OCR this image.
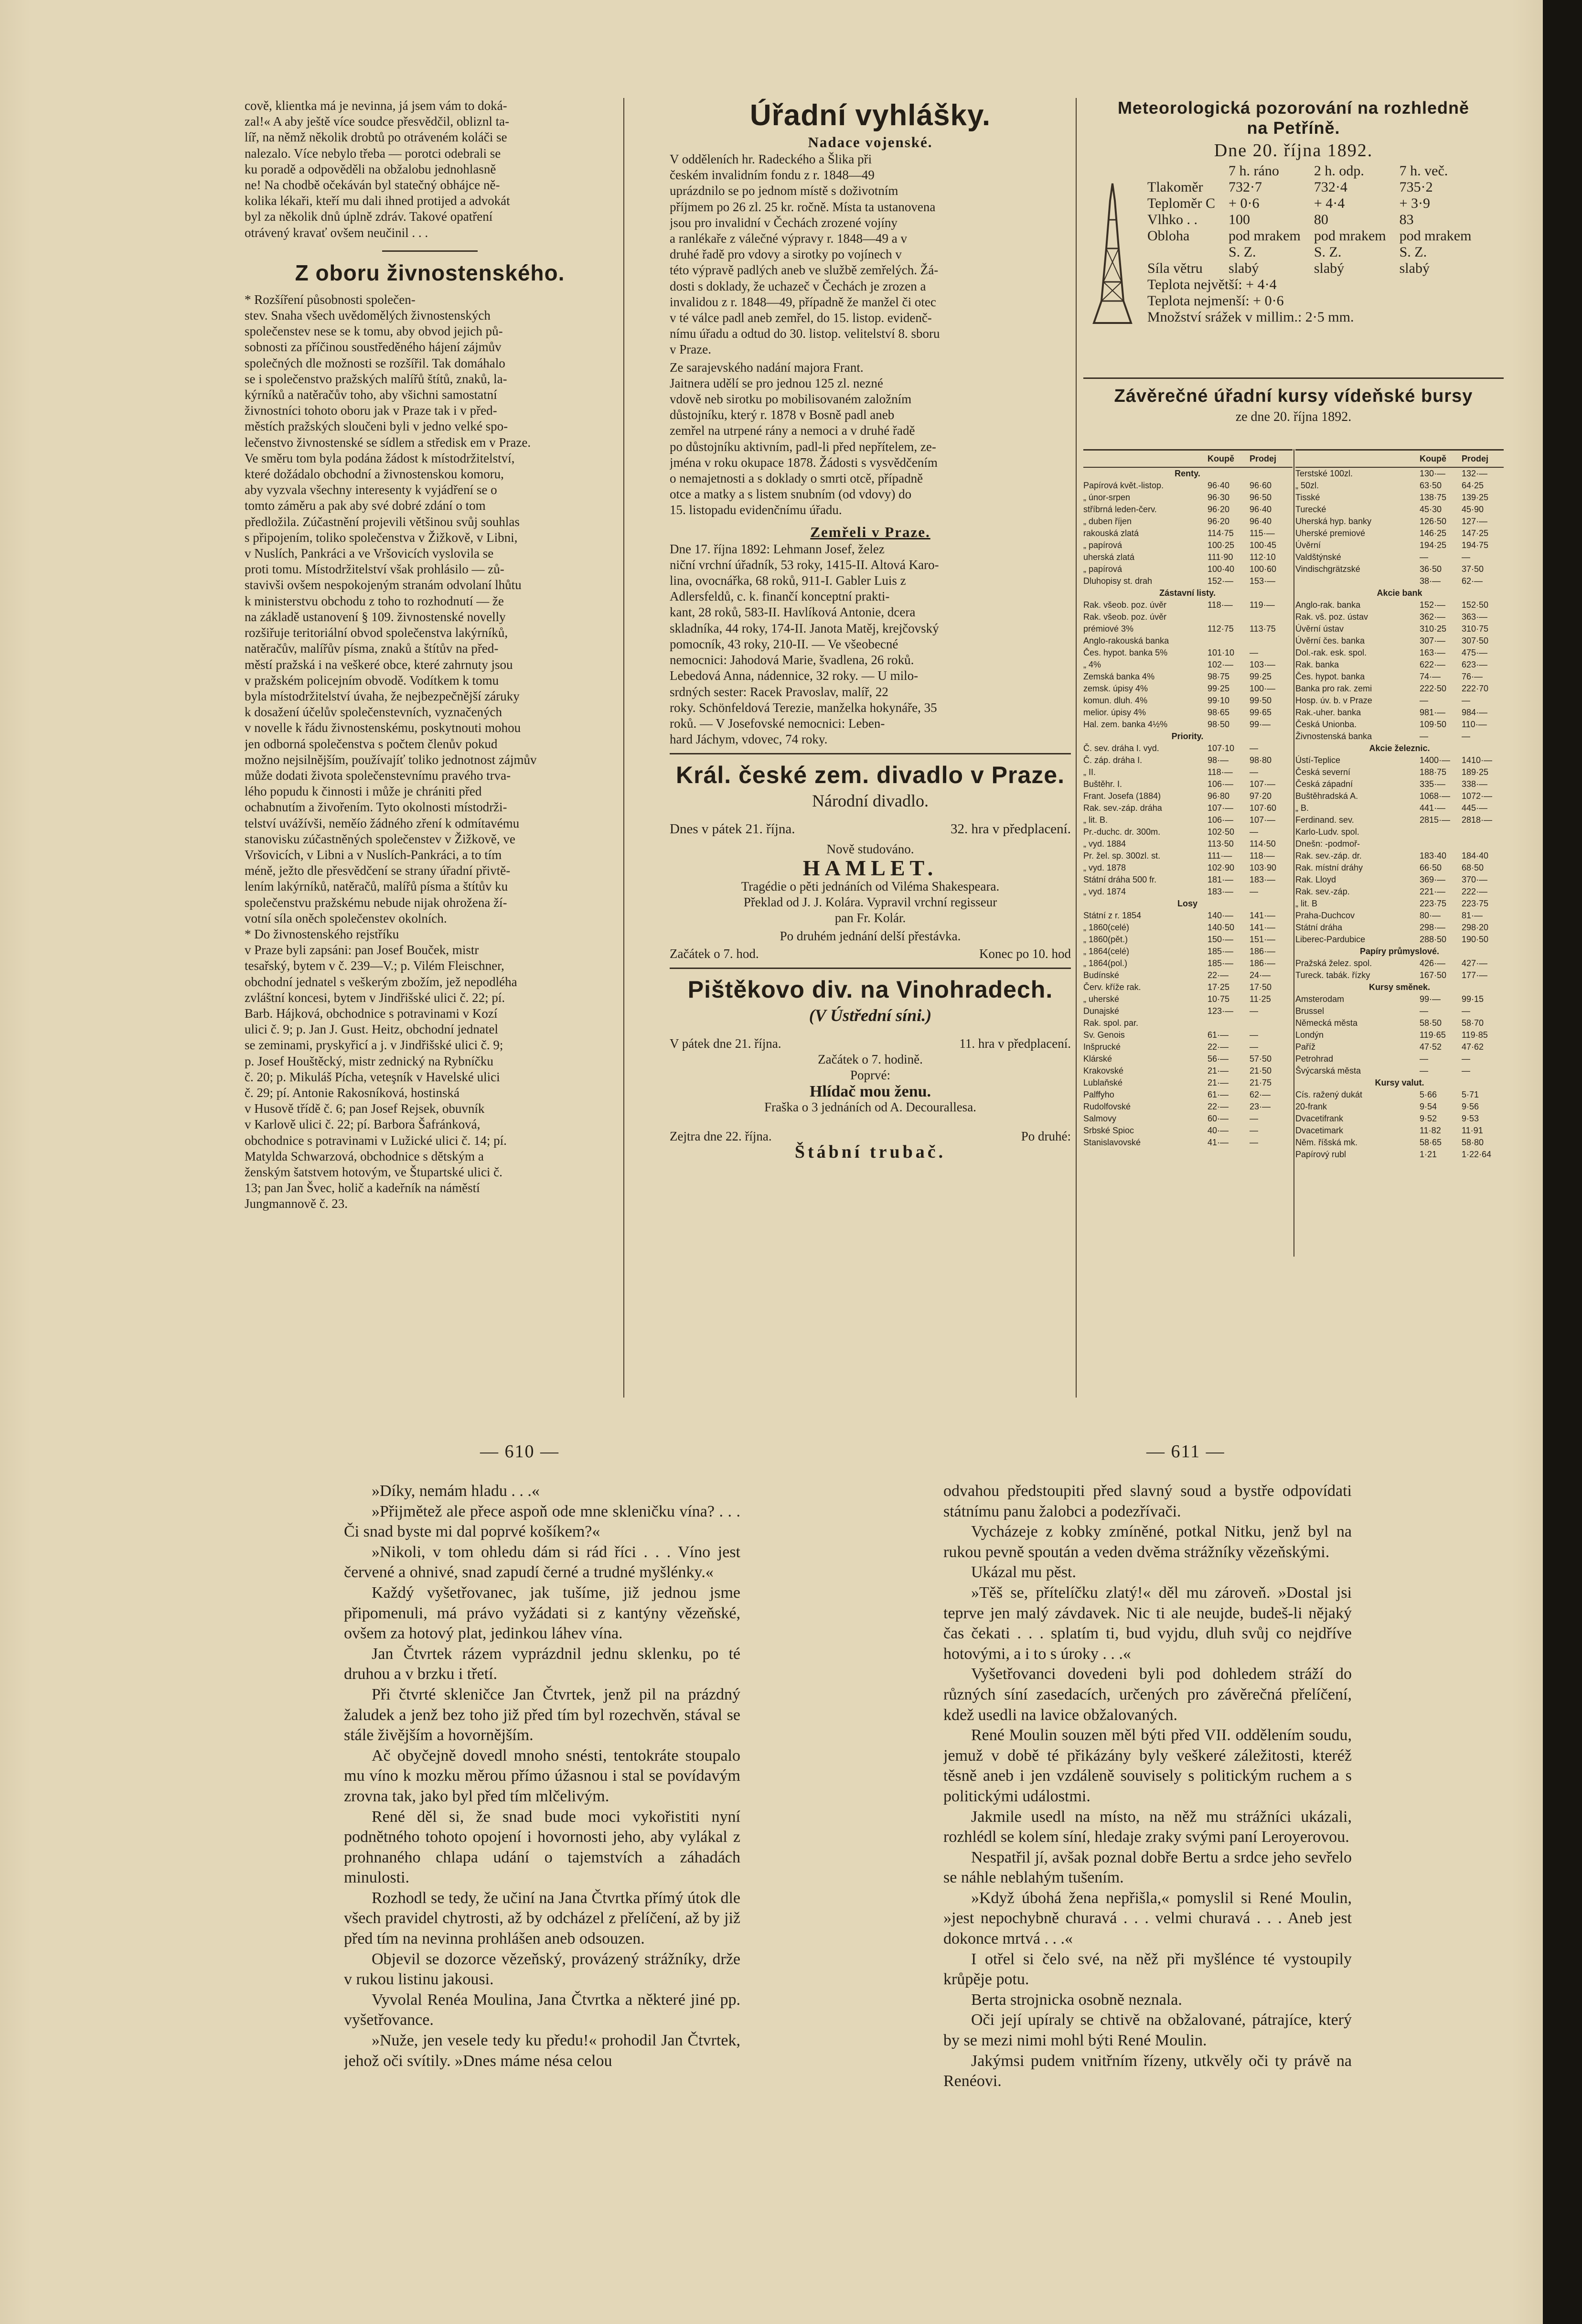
cově, klientka má je nevinna, já jsem vám to doká-
zal!« A aby ještě více soudce přesvědčil, obliznl ta-
líř, na němž několik drobtů po otráveném koláči se
nalezalo. Více nebylo třeba — porotci odebrali se
ku poradě a odpověděli na obžalobu jednohlasně
ne! Na chodbě očekáván byl statečný obhájce ně-
kolika lékaři, kteří mu dali ihned protijed a advokát
byl za několik dnů úplně zdráv. Takové opatření
otrávený kravať ovšem neučinil . . .
Z oboru živnostenského.
* Rozšíření působnosti společen-
stev. Snaha všech uvědomělých živnostenských
společenstev nese se k tomu, aby obvod jejich pů-
sobnosti za příčinou soustředěného hájení zájmův
společných dle možnosti se rozšířil. Tak domáhalo
se i společenstvo pražských malířů štítů, znaků, la-
kýrníků a natěračův toho, aby všichni samostatní
živnostníci tohoto oboru jak v Praze tak i v před-
městích pražských sloučeni byli v jedno velké spo-
lečenstvo živnostenské se sídlem a středisk em v Praze.
Ve směru tom byla podána žádost k místodržitelství,
které dožádalo obchodní a živnostenskou komoru,
aby vyzvala všechny interesenty k vyjádření se o
tomto záměru a pak aby své dobré zdání o tom
předložila. Zúčastnění projevili většinou svůj souhlas
s připojením, toliko společenstva v Žižkově, v Libni,
v Nuslích, Pankráci a ve Vršovicích vyslovila se
proti tomu. Místodržitelství však prohlásilo — zů-
stavivši ovšem nespokojeným stranám odvolaní lhůtu
k ministerstvu obchodu z toho to rozhodnutí — že
na základě ustanovení § 109. živnostenské novelly
rozšiřuje teritoriální obvod společenstva lakýrníků,
natěračův, malířův písma, znaků a štítův na před-
městí pražská i na veškeré obce, které zahrnuty jsou
v pražském policejním obvodě. Vodítkem k tomu
byla místodržitelství úvaha, že nejbezpečnější záruky
k dosažení účelův společenstevních, vyznačených
v novelle k řádu živnostenskému, poskytnouti mohou
jen odborná společenstva s počtem členův pokud
možno nejsilnějším, používajíť toliko jednotnost zájmův
může dodati života společenstevnímu pravého trva-
lého popudu k činnosti i může je chrániti před
ochabnutím a živořením. Tyto okolnosti místodrži-
telství uvážívši, neměío žádného zření k odmítavému
stanovisku zúčastněných společenstev v Žižkově, ve
Vršovicích, v Libni a v Nuslích-Pankráci, a to tím
méně, ježto dle přesvědčení se strany úřadní přivtě-
lením lakýrníků, natěračů, malířů písma a štítův ku
společenstvu pražskému nebude nijak ohrožena ží-
votní síla oněch společenstev okolních.
* Do živnostenského rejstříku
v Praze byli zapsáni: pan Josef Bouček, mistr
tesařský, bytem v č. 239—V.; p. Vilém Fleischner,
obchodní jednatel s veškerým zbožím, jež nepodléha
zvláštní koncesi, bytem v Jindřišské ulici č. 22; pí.
Barb. Hájková, obchodnice s potravinami v Kozí
ulici č. 9; p. Jan J. Gust. Heitz, obchodní jednatel
se zeminami, pryskyřicí a j. v Jindřišské ulici č. 9;
p. Josef Houštěcký, mistr zednický na Rybníčku
č. 20; p. Mikuláš Pícha, veteşník v Havelské ulici
č. 29; pí. Antonie Rakosníková, hostinská
v Husově třídě č. 6; pan Josef Rejsek, obuvník
v Karlově ulici č. 22; pí. Barbora Šafránková,
obchodnice s potravinami v Lužické ulici č. 14; pí.
Matylda Schwarzová, obchodnice s dětským a
ženským šatstvem hotovým, ve Štupartské ulici č.
13; pan Jan Švec, holič a kadeřník na náměstí
Jungmannově č. 23.
Úřadní vyhlášky.
Nadace vojenské.
V odděleních hr. Radeckého a Šlika při
českém invalidním fondu z r. 1848—49
uprázdnilo se po jednom místě s doživotním
příjmem po 26 zl. 25 kr. ročně. Místa ta ustanovena
jsou pro invalidní v Čechách zrozené vojíny
a ranlékaře z válečné výpravy r. 1848—49 a v
druhé řadě pro vdovy a sirotky po vojínech v
této výpravě padlých aneb ve službě zemřelých. Žá-
dosti s doklady, že uchazeč v Čechách je zrozen a
invalidou z r. 1848—49, případně že manžel či otec
v té válce padl aneb zemřel, do 15. listop. evidenč-
nímu úřadu a odtud do 30. listop. velitelství 8. sboru
v Praze.
Ze sarajevského nadání majora Frant.
Jaitnera udělí se pro jednou 125 zl. nezné
vdově neb sirotku po mobilisovaném založním
důstojníku, který r. 1878 v Bosně padl aneb
zemřel na utrpené rány a nemoci a v druhé řadě
po důstojníku aktivním, padl-li před nepřítelem, ze-
jména v roku okupace 1878. Žádosti s vysvědčením
o nemajetnosti a s doklady o smrti otcě, případně
otce a matky a s listem snubním (od vdovy) do
15. listopadu evidenčnímu úřadu.
Zemřeli v Praze.
Dne 17. října 1892: Lehmann Josef, želez
niční vrchní úřadník, 53 roky, 1415-II. Altová Karo-
lina, ovocnářka, 68 roků, 911-I. Gabler Luis z
Adlersfeldů, c. k. finančí konceptní prakti-
kant, 28 roků, 583-II. Havlíková Antonie, dcera
skladníka, 44 roky, 174-II. Janota Matěj, krejčovský
pomocník, 43 roky, 210-II. — Ve všeobecné
nemocnici: Jahodová Marie, švadlena, 26 roků.
Lebedová Anna, nádennice, 32 roky. — U milo-
srdných sester: Racek Pravoslav, malíř, 22
roky. Schönfeldová Terezie, manželka hokynáře, 35
roků. — V Josefovské nemocnici: Leben-
hard Jáchym, vdovec, 74 roky.
Král. české zem. divadlo v Praze.
Národní divadlo.
Dnes v pátek 21. října.	32. hra v předplacení.
Nově studováno.
HAMLET.
Tragédie o pěti jednáních od Viléma Shakespeara.
Překlad od J. J. Kolára. Vypravil vrchní regisseur
pan Fr. Kolár.
Po druhém jednání delší přestávka.
Začátek o 7. hod.	Konec po 10. hod
Pištěkovo div. na Vinohradech.
(V Ústřední síni.)
V pátek dne 21. října.	11. hra v předplacení.
Začátek o 7. hodině.
Poprvé:
Hlídač mou ženu.
Fraška o 3 jednáních od A. Decourallesa.
Zejtra dne 22. října.	Po druhé:
Štábní trubač.
Meteorologická pozorování na rozhledně
na Petříně.
Dne 20. října 1892.
	7 h. ráno	2 h. odp.	7 h. več.
Tlakoměr	732·7	732·4	735·2
Teploměr C	+ 0·6	+ 4·4	+ 3·9
Vlhko . .	100	80	83
Obloha	pod mrakem	pod mrakem	pod mrakem
	S. Z.	S. Z.	S. Z.
Síla větru	slabý	slabý	slabý
Teplota největší: + 4·4
Teplota nejmenší: + 0·6
Množství srážek v millim.: 2·5 mm.
Závěrečné úřadní kursy vídeňské bursy
ze dne 20. října 1892.
Koupě	Prodej
Renty.
Papírová květ.-listop.	96·40	96·60
„ únor-srpen	96·30	96·50
stříbrná leden-červ.	96·20	96·40
„ duben říjen	96·20	96·40
rakouská zlatá	114·75	115·—
„ papírová	100·25	100·45
uherská zlatá	111·90	112·10
„ papírová	100·40	100·60
Dluhopisy st. drah	152·—	153·—
Zástavní listy.
Rak. všeob. poz. úvěr	118·—	119·—
Rak. všeob. poz. úvěr
prémiové 3%	112·75	113·75
Anglo-rakouská banka
Čes. hypot. banka 5%	101·10	—
„ 4%	102·—	103·—
Zemská banka 4%	98·75	99·25
zemsk. úpisy 4%	99·25	100·—
komun. dluh. 4%	99·10	99·50
melior. úpisy 4%	98·65	99·65
Hal. zem. banka 4½%	98·50	99·—
Priority.
Č. sev. dráha I. vyd.	107·10	—
Č. záp. dráha I.	98·—	98·80
„ II.	118·—	—
Buštěhr. I.	106·—	107·—
Frant. Josefa (1884)	96·80	97·20
Rak. sev.-záp. dráha	107·—	107·60
„ lit. B.	106·—	107·—
Pr.-duchc. dr. 300m.	102·50	—
„ vyd. 1884	113·50	114·50
Pr. žel. sp. 300zl. st.	111·—	118·—
„ vyd. 1878	102·90	103·90
Státní dráha 500 fr.	181·—	183·—
„ vyd. 1874	183·—	—
Losy
Státní z r. 1854	140·—	141·—
„ 1860(celé)	140·50	141·—
„ 1860(pět.)	150·—	151·—
„ 1864(celé)	185·—	186·—
„ 1864(pol.)	185·—	186·—
Budínské	22·—	24·—
Červ. kříže rak.	17·25	17·50
„ uherské	10·75	11·25
Dunajské	123·—	—
Rak. spol. par.
Sv. Genois	61·—	—
Inšprucké	22·—	—
Klárské	56·—	57·50
Krakovské	21·—	21·50
Lublaňské	21·—	21·75
Palffyho	61·—	62·—
Rudolfovské	22·—	23·—
Salmovy	60·—	—
Srbské Spioc	40·—	—
Stanislavovské	41·—	—
Koupě	Prodej
Terstské 100zl.	130·—	132·—
„ 50zl.	63·50	64·25
Tisské	138·75	139·25
Turecké	45·30	45·90
Uherská hyp. banky	126·50	127·—
Uherské premiové	146·25	147·25
Úvěrní	194·25	194·75
Valdštýnské	—	—
Vindischgrätzské	36·50	37·50
38·—	62·—
Akcie bank
Anglo-rak. banka	152·—	152·50
Rak. vš. poz. ústav	362·—	363·—
Úvěrní ústav	310·25	310·75
Úvěrní čes. banka	307·—	307·50
Dol.-rak. esk. spol.	163·—	475·—
Rak. banka	622·—	623·—
Čes. hypot. banka	74·—	76·—
Banka pro rak. zemi	222·50	222·70
Hosp. úv. b. v Praze	—	—
Rak.-uher. banka	981·—	984·—
Česká Unionba.	109·50	110·—
Živnostenská banka	—	—
Akcie železnic.
Ústí-Teplice	1400·—	1410·—
Česká severní	188·75	189·25
Česká západní	335·—	338·—
Buštěhradská A.	1068·—	1072·—
„ B.	441·—	445·—
Ferdinand. sev.	2815·—	2818·—
Karlo-Ludv. spol.
Dnešn: -podmoř-
Rak. sev.-záp. dr.	183·40	184·40
Rak. místní dráhy	66·50	68·50
Rak. Lloyd	369·—	370·—
Rak. sev.-záp.	221·—	222·—
„ lit. B	223·75	223·75
Praha-Duchcov	80·—	81·—
Státní dráha	298·—	298·20
Liberec-Pardubice	288·50	190·50
Papíry průmyslové.
Pražská želez. spol.	426·—	427·—
Tureck. tabák. řízky	167·50	177·—
Kursy směnek.
Amsterodam	99·—	99·15
Brussel	—	—
Německá města	58·50	58·70
Londýn	119·65	119·85
Paříž	47·52	47·62
Petrohrad	—	—
Švýcarská města	—	—
Kursy valut.
Cís. ražený dukát	5·66	5·71
20-frank	9·54	9·56
Dvacetifrank	9·52	9·53
Dvacetimark	11·82	11·91
Něm. říšská mk.	58·65	58·80
Papírový rubl	1·21	1·22·64
— 610 —	— 611 —

»Díky, nemám hladu . . .«

»Přijmětež ale přece aspoň ode mne skleničku vína? . . . Či snad byste mi dal poprvé košíkem?«

»Nikoli, v tom ohledu dám si rád říci . . . Víno jest červené a ohnivé, snad zapudí černé a trudné myšlénky.«

Každý vyšetřovanec, jak tušíme, již jednou jsme připomenuli, má právo vyžádati si z kantýny vězeňské, ovšem za hotový plat, jedinkou láhev vína.

Jan Čtvrtek rázem vyprázdnil jednu sklenku, po té druhou a v brzku i třetí.

Při čtvrté skleničce Jan Čtvrtek, jenž pil na prázdný žaludek a jenž bez toho již před tím byl rozechvěn, stával se stále živějším a hovornějším.

Ač obyčejně dovedl mnoho snésti, tentokráte stoupalo mu víno k mozku měrou přímo úžasnou i stal se povídavým zrovna tak, jako byl před tím mlčelivým.

René děl si, že snad bude moci vykořistiti nyní podnětného tohoto opojení i hovornosti jeho, aby vylákal z prohnaného chlapa udání o tajemstvích a záhadách minulosti.

Rozhodl se tedy, že učiní na Jana Čtvrtka přímý útok dle všech pravidel chytrosti, až by odcházel z přelíčení, až by již před tím na nevinna prohlášen aneb odsouzen.

Objevil se dozorce vězeňský, provázený strážníky, drže v rukou listinu jakousi.

Vyvolal Renéa Moulina, Jana Čtvrtka a některé jiné pp. vyšetřovance.

»Nuže, jen vesele tedy ku předu!« prohodil Jan Čtvrtek, jehož oči svítily. »Dnes máme nésa celou

odvahou předstoupiti před slavný soud a bystře odpovídati státnímu panu žalobci a podezřívači.

Vycházeje z kobky zmíněné, potkal Nitku, jenž byl na rukou pevně spoután a veden dvěma strážníky vězeňskými.

Ukázal mu pěst.

»Těš se, přítelíčku zlatý!« děl mu zároveň. »Dostal jsi teprve jen malý závdavek. Nic ti ale neujde, budeš-li nějaký čas čekati . . . splatím ti, bud vyjdu, dluh svůj co nejdříve hotovými, a i to s úroky . . .«

Vyšetřovanci dovedeni byli pod dohledem stráží do různých síní zasedacích, určených pro závěrečná přelíčení, kdež usedli na lavice obžalovaných.

René Moulin souzen měl býti před VII. oddělením soudu, jemuž v době té přikázány byly veškeré záležitosti, kteréž těsně aneb i jen vzdáleně souvisely s politickým ruchem a s politickými událostmi.

Jakmile usedl na místo, na něž mu strážníci ukázali, rozhlédl se kolem síní, hledaje zraky svými paní Leroyerovou.

Nespatřil jí, avšak poznal dobře Bertu a srdce jeho sevřelo se náhle neblahým tušením.

»Když úbohá žena nepřišla,« pomyslil si René Moulin, »jest nepochybně churavá . . . velmi churavá . . . Aneb jest dokonce mrtvá . . .«

I otřel si čelo své, na něž při myšlénce té vystoupily krůpěje potu.

Berta strojnicka osobně neznala.

Oči její upíraly se chtivě na obžalované, pátrajíce, který by se mezi nimi mohl býti René Moulin.

Jakýmsi pudem vnitřním řízeny, utkvěly oči ty právě na Renéovi.
